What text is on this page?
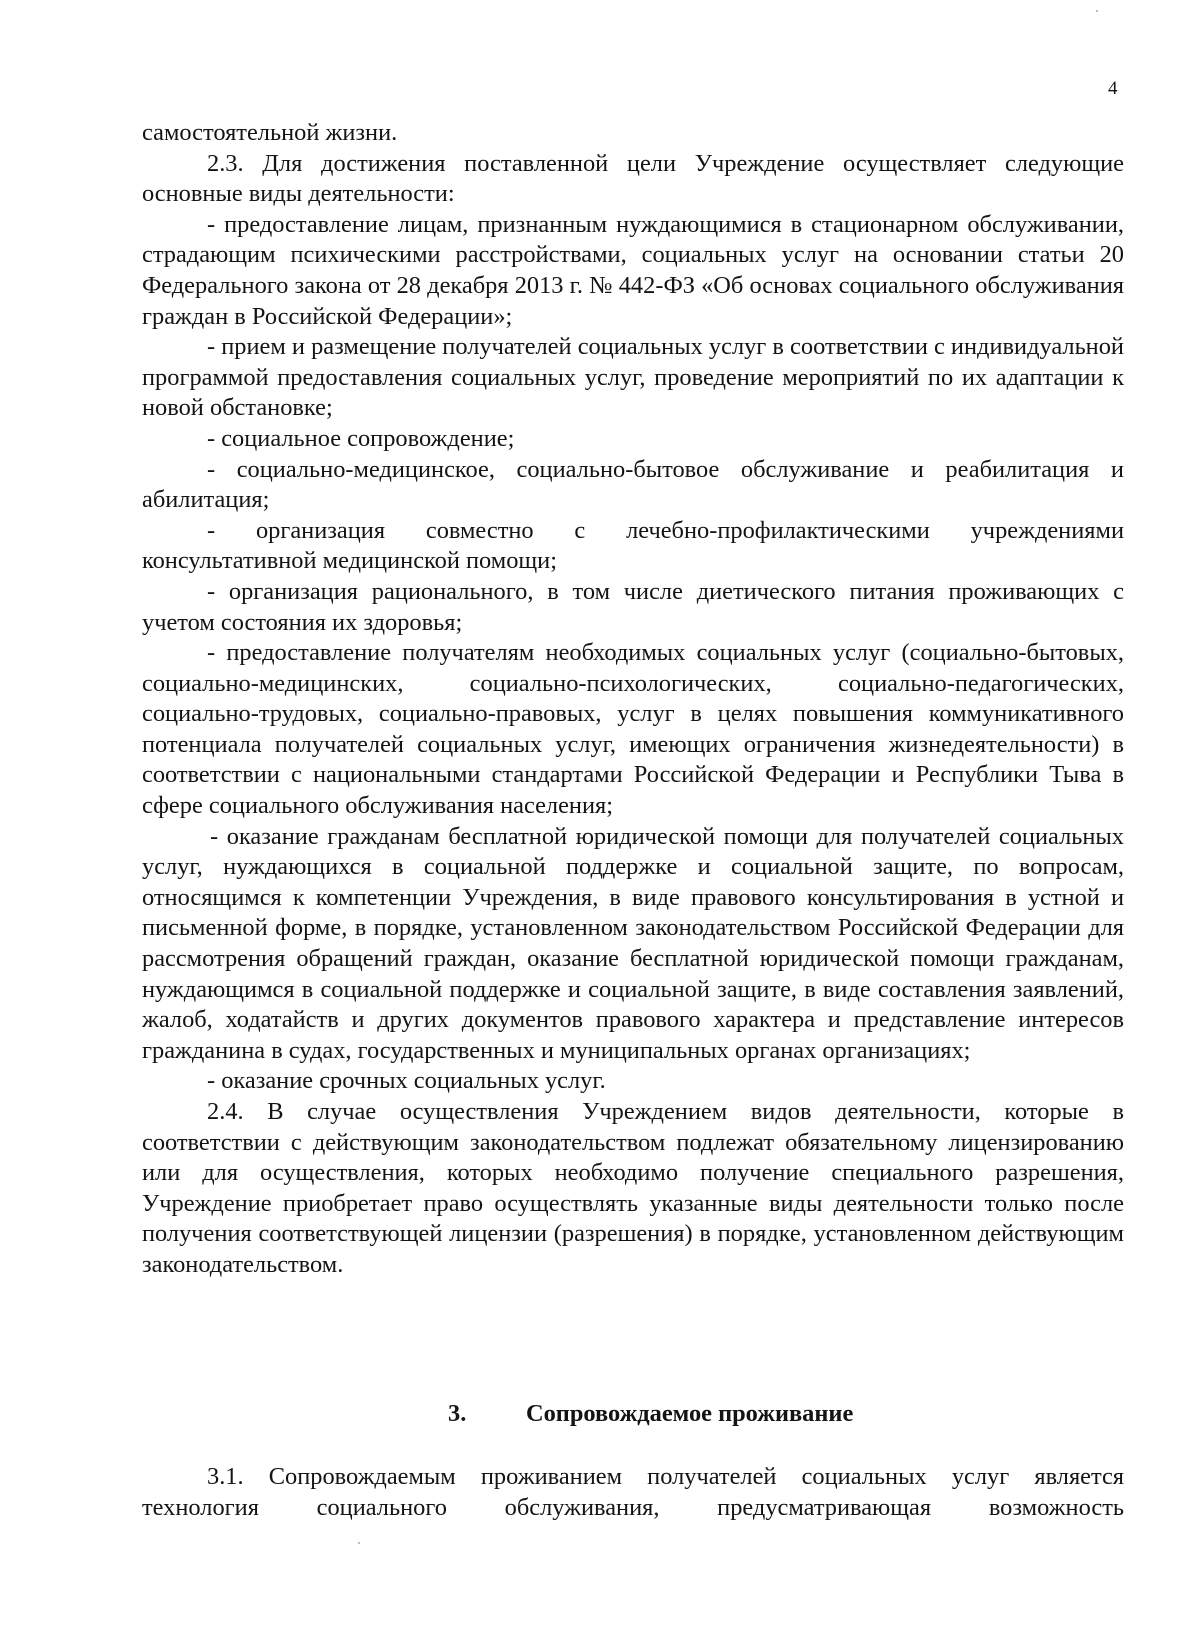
4

самостоятельной жизни.

2.3. Для достижения поставленной цели Учреждение осуществляет следующие основные виды деятельности:

- предоставление лицам, признанным нуждающимися в стационарном обслуживании, страдающим психическими расстройствами, социальных услуг на основании статьи 20 Федерального закона от 28 декабря 2013 г. № 442-ФЗ «Об основах социального обслуживания граждан в Российской Федерации»;

- прием и размещение получателей социальных услуг в соответствии с индивидуальной программой предоставления социальных услуг, проведение мероприятий по их адаптации к новой обстановке;

- социальное сопровождение;

- социально-медицинское, социально-бытовое обслуживание и реабилитация и абилитация;

- организация совместно с лечебно-профилактическими учреждениями консультативной медицинской помощи;

- организация рационального, в том числе диетического питания проживающих с учетом состояния их здоровья;

- предоставление получателям необходимых социальных услуг (социально-бытовых, социально-медицинских, социально-психологических, социально-педагогических, социально-трудовых, социально-правовых, услуг в целях повышения коммуникативного потенциала получателей социальных услуг, имеющих ограничения жизнедеятельности) в соответствии с национальными стандартами Российской Федерации и Республики Тыва в сфере социального обслуживания населения;

- оказание гражданам бесплатной юридической помощи для получателей социальных услуг, нуждающихся в социальной поддержке и социальной защите, по вопросам, относящимся к компетенции Учреждения, в виде правового консультирования в устной и письменной форме, в порядке, установленном законодательством Российской Федерации для рассмотрения обращений граждан, оказание бесплатной юридической помощи гражданам, нуждающимся в социальной поддержке и социальной защите, в виде составления заявлений, жалоб, ходатайств и других документов правового характера и представление интересов гражданина в судах, государственных и муниципальных органах организациях;

- оказание срочных социальных услуг.

2.4. В случае осуществления Учреждением видов деятельности, которые в соответствии с действующим законодательством подлежат обязательному лицензированию или для осуществления, которых необходимо получение специального разрешения, Учреждение приобретает право осуществлять указанные виды деятельности только после получения соответствующей лицензии (разрешения) в порядке, установленном действующим законодательством.

3. Сопровождаемое проживание

3.1. Сопровождаемым проживанием получателей социальных услуг является технология социального обслуживания, предусматривающая возможность
